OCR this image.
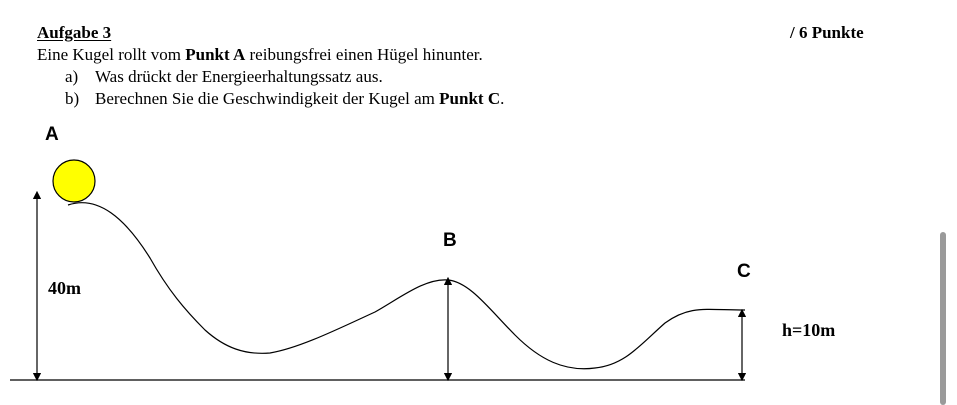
Aufgabe 3	/ 6 Punkte
Eine Kugel rollt vom Punkt A reibungsfrei einen Hügel hinunter.
a) Was drückt der Energieerhaltungssatz aus.
b) Berechnen Sie die Geschwindigkeit der Kugel am Punkt C.
A
B
C
40m
h=10m
